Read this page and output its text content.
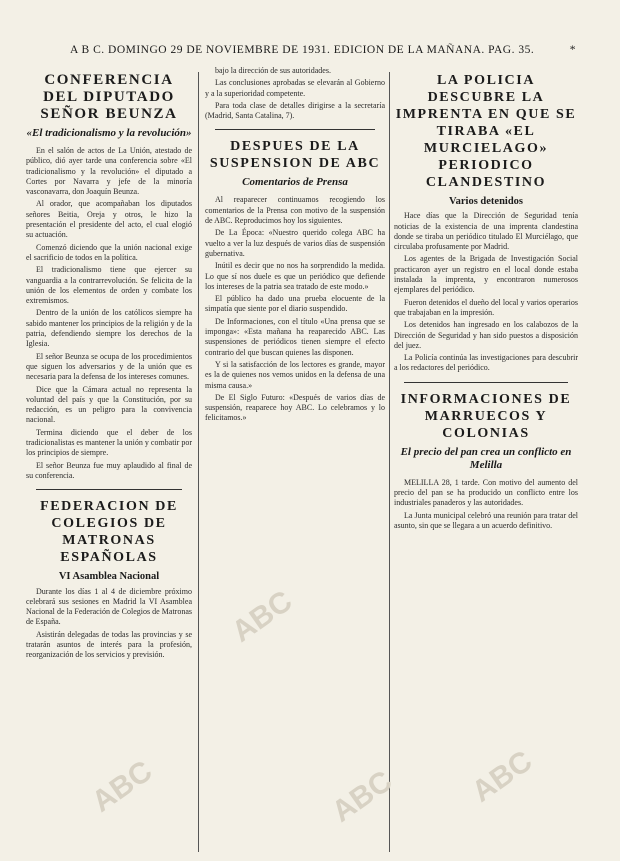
A B C. DOMINGO 29 DE NOVIEMBRE DE 1931. EDICION DE LA MAÑANA. PAG. 35.	*
CONFERENCIA DEL DIPUTADO SEÑOR BEUNZA
«El tradicionalismo y la revolución»

En el salón de actos de La Unión, atestado de público, dió ayer tarde una conferencia sobre «El tradicionalismo y la revolución» el diputado a Cortes por Navarra y jefe de la minoría vasconavarra, don Joaquín Beunza.

Al orador, que acompañaban los diputados señores Beitia, Oreja y otros, le hizo la presentación el presidente del acto, el cual elogió su actuación.

Comenzó diciendo que la unión nacional exige el sacrificio de todos en la política.

El tradicionalismo tiene que ejercer su vanguardia a la contrarrevolución. Se felicita de la unión de los elementos de orden y combate los extremismos.

Dentro de la unión de los católicos siempre ha sabido mantener los principios de la religión y de la patria, defendiendo siempre los derechos de la Iglesia.

El señor Beunza se ocupa de los procedimientos que siguen los adversarios y de la unión que es necesaria para la defensa de los intereses comunes.

Dice que la Cámara actual no representa la voluntad del país y que la Constitución, por su redacción, es un peligro para la convivencia nacional.

Termina diciendo que el deber de los tradicionalistas es mantener la unión y combatir por los principios de siempre.

El señor Beunza fue muy aplaudido al final de su conferencia.

FEDERACION DE COLEGIOS DE MATRONAS ESPAÑOLAS
VI Asamblea Nacional

Durante los días 1 al 4 de diciembre próximo celebrará sus sesiones en Madrid la VI Asamblea Nacional de la Federación de Colegios de Matronas de España.

Asistirán delegadas de todas las provincias y se tratarán asuntos de interés para la profesión, reorganización de los servicios y previsión.

bajo la dirección de sus autoridades.

Las conclusiones aprobadas se elevarán al Gobierno y a la superioridad competente.

Para toda clase de detalles dirigirse a la secretaría (Madrid, Santa Catalina, 7).

DESPUES DE LA SUSPENSION DE ABC
Comentarios de Prensa

Al reaparecer continuamos recogiendo los comentarios de la Prensa con motivo de la suspensión de ABC. Reproducimos hoy los siguientes.

De La Época: «Nuestro querido colega ABC ha vuelto a ver la luz después de varios días de suspensión gubernativa.

Inútil es decir que no nos ha sorprendido la medida. Lo que sí nos duele es que un periódico que defiende los intereses de la patria sea tratado de este modo.»

El público ha dado una prueba elocuente de la simpatía que siente por el diario suspendido.

De Informaciones, con el título «Una prensa que se imponga»: «Esta mañana ha reaparecido ABC. Las suspensiones de periódicos tienen siempre el efecto contrario del que buscan quienes las disponen.

Y si la satisfacción de los lectores es grande, mayor es la de quienes nos vemos unidos en la defensa de una misma causa.»

De El Siglo Futuro: «Después de varios días de suspensión, reaparece hoy ABC. Lo celebramos y lo felicitamos.»

LA POLICIA DESCUBRE LA IMPRENTA EN QUE SE TIRABA «EL MURCIELAGO» PERIODICO CLANDESTINO
Varios detenidos

Hace días que la Dirección de Seguridad tenía noticias de la existencia de una imprenta clandestina donde se tiraba un periódico titulado El Murciélago, que circulaba profusamente por Madrid.

Los agentes de la Brigada de Investigación Social practicaron ayer un registro en el local donde estaba instalada la imprenta, y encontraron numerosos ejemplares del periódico.

Fueron detenidos el dueño del local y varios operarios que trabajaban en la impresión.

Los detenidos han ingresado en los calabozos de la Dirección de Seguridad y han sido puestos a disposición del juez.

La Policía continúa las investigaciones para descubrir a los redactores del periódico.

INFORMACIONES DE MARRUECOS Y COLONIAS
El precio del pan crea un conflicto en Melilla

MELILLA 28, 1 tarde. Con motivo del aumento del precio del pan se ha producido un conflicto entre los industriales panaderos y las autoridades.

La Junta municipal celebró una reunión para tratar del asunto, sin que se llegara a un acuerdo definitivo.

ABC
ABC
ABC
ABC
